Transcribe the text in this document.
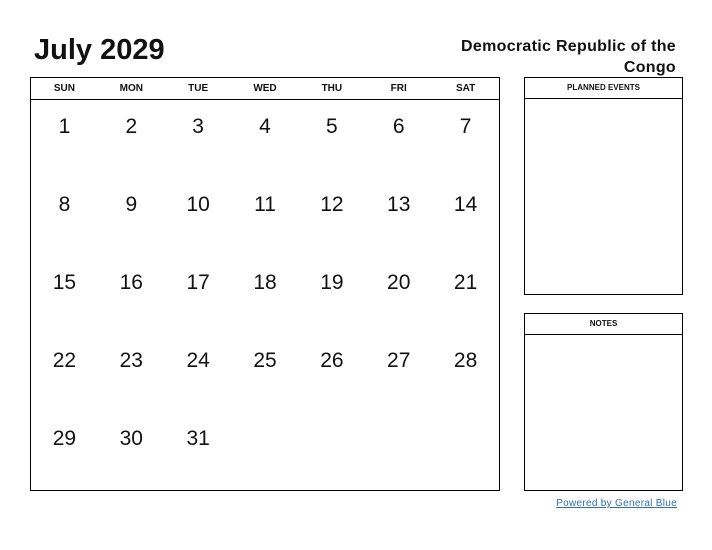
July 2029	Democratic Republic of the Congo
SUN	MON	TUE	WED	THU	FRI	SAT
1	2	3	4	5	6	7
8	9	10	11	12	13	14
15	16	17	18	19	20	21
22	23	24	25	26	27	28
29	30	31
PLANNED EVENTS
NOTES
Powered by General Blue
